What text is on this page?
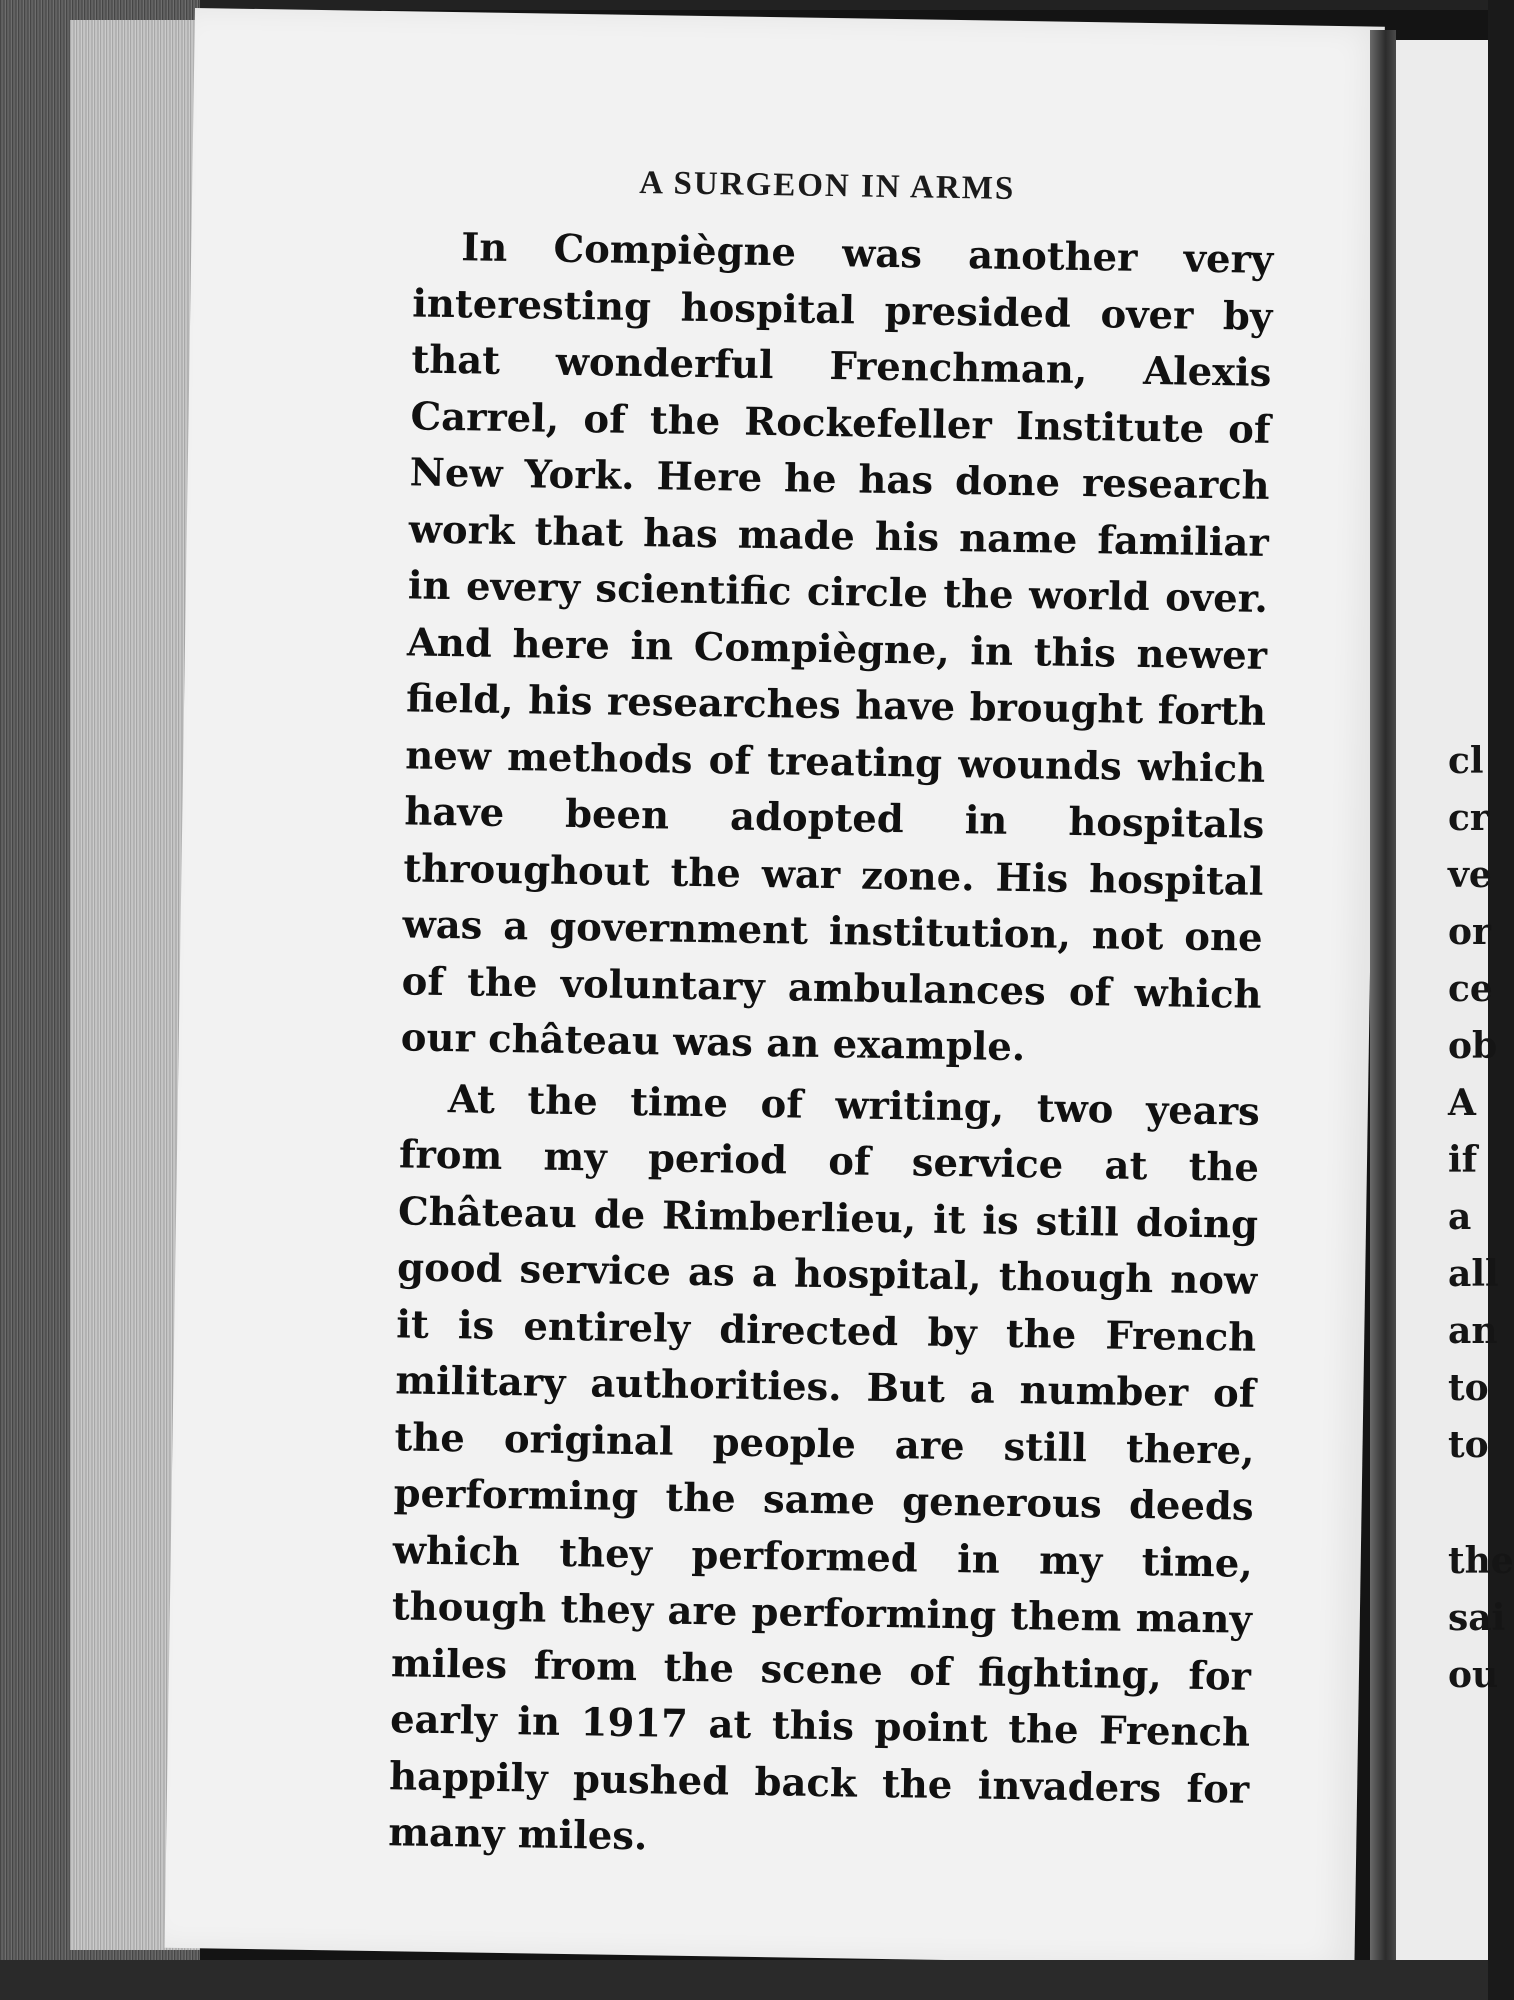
A SURGEON IN ARMS

In Compiègne was another very interesting hospital presided over by that wonderful Frenchman, Alexis Carrel, of the Rockefeller Institute of New York. Here he has done research work that has made his name familiar in every scientific circle the world over. And here in Compiègne, in this newer field, his researches have brought forth new methods of treating wounds which have been adopted in hospitals throughout the war zone. His hospital was a government institution, not one of the voluntary ambulances of which our château was an example.

At the time of writing, two years from my period of service at the Château de Rimberlieu, it is still doing good service as a hospital, though now it is entirely directed by the French military authorities. But a number of the original people are still there, performing the same generous deeds which they performed in my time, though they are performing them many miles from the scene of fighting, for early in 1917 at this point the French happily pushed back the invaders for many miles.

cl
cr
ve
or
ce
ob
A
if
a
all
an
to
to
the
sai
ou
